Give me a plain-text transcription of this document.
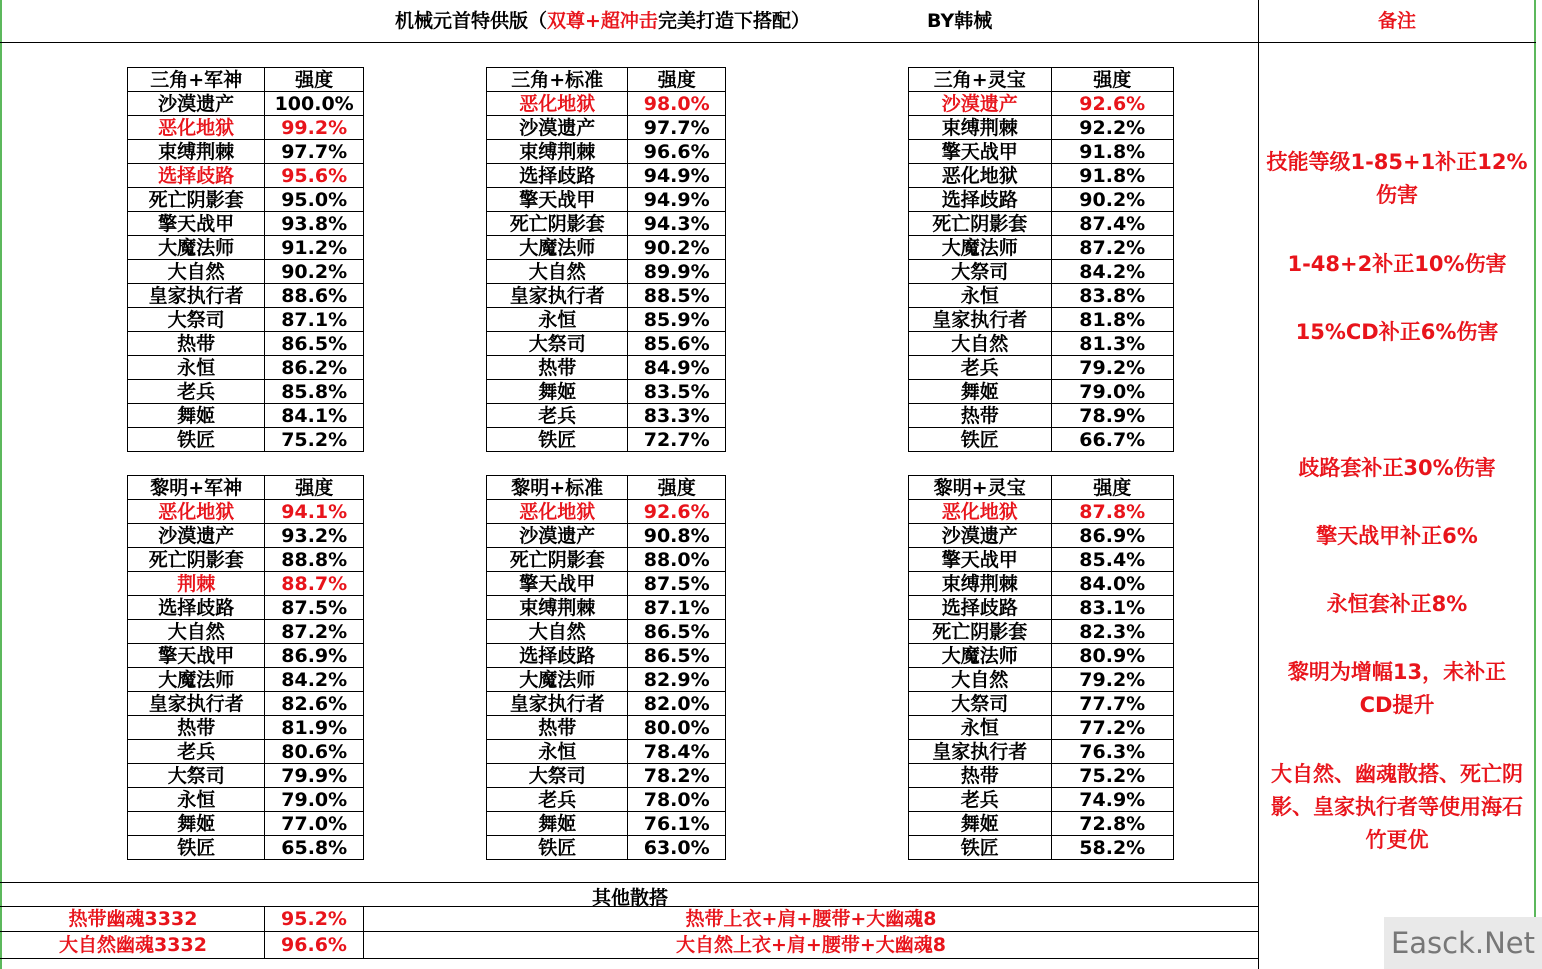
机械元首特供版（双尊+超冲击完美打造下搭配）	BY韩械	备注
三角+军神	强度
沙漠遗产	100.0%
恶化地狱	99.2%
束缚荆棘	97.7%
选择歧路	95.6%
死亡阴影套	95.0%
擎天战甲	93.8%
大魔法师	91.2%
大自然	90.2%
皇家执行者	88.6%
大祭司	87.1%
热带	86.5%
永恒	86.2%
老兵	85.8%
舞姬	84.1%
铁匠	75.2%
三角+标准	强度
恶化地狱	98.0%
沙漠遗产	97.7%
束缚荆棘	96.6%
选择歧路	94.9%
擎天战甲	94.9%
死亡阴影套	94.3%
大魔法师	90.2%
大自然	89.9%
皇家执行者	88.5%
永恒	85.9%
大祭司	85.6%
热带	84.9%
舞姬	83.5%
老兵	83.3%
铁匠	72.7%
三角+灵宝	强度
沙漠遗产	92.6%
束缚荆棘	92.2%
擎天战甲	91.8%
恶化地狱	91.8%
选择歧路	90.2%
死亡阴影套	87.4%
大魔法师	87.2%
大祭司	84.2%
永恒	83.8%
皇家执行者	81.8%
大自然	81.3%
老兵	79.2%
舞姬	79.0%
热带	78.9%
铁匠	66.7%
黎明+军神	强度
恶化地狱	94.1%
沙漠遗产	93.2%
死亡阴影套	88.8%
荆棘	88.7%
选择歧路	87.5%
大自然	87.2%
擎天战甲	86.9%
大魔法师	84.2%
皇家执行者	82.6%
热带	81.9%
老兵	80.6%
大祭司	79.9%
永恒	79.0%
舞姬	77.0%
铁匠	65.8%
黎明+标准	强度
恶化地狱	92.6%
沙漠遗产	90.8%
死亡阴影套	88.0%
擎天战甲	87.5%
束缚荆棘	87.1%
大自然	86.5%
选择歧路	86.5%
大魔法师	82.9%
皇家执行者	82.0%
热带	80.0%
永恒	78.4%
大祭司	78.2%
老兵	78.0%
舞姬	76.1%
铁匠	63.0%
黎明+灵宝	强度
恶化地狱	87.8%
沙漠遗产	86.9%
擎天战甲	85.4%
束缚荆棘	84.0%
选择歧路	83.1%
死亡阴影套	82.3%
大魔法师	80.9%
大自然	79.2%
大祭司	77.7%
永恒	77.2%
皇家执行者	76.3%
热带	75.2%
老兵	74.9%
舞姬	72.8%
铁匠	58.2%
技能等级1-85+1补正12%伤害
1-48+2补正10%伤害
15%CD补正6%伤害
歧路套补正30%伤害
擎天战甲补正6%
永恒套补正8%
黎明为增幅13，未补正CD提升
大自然、幽魂散搭、死亡阴影、皇家执行者等使用海石竹更优
其他散搭
热带幽魂3332	95.2%	热带上衣+肩+腰带+大幽魂8
大自然幽魂3332	96.6%	大自然上衣+肩+腰带+大幽魂8	Easck.Net
